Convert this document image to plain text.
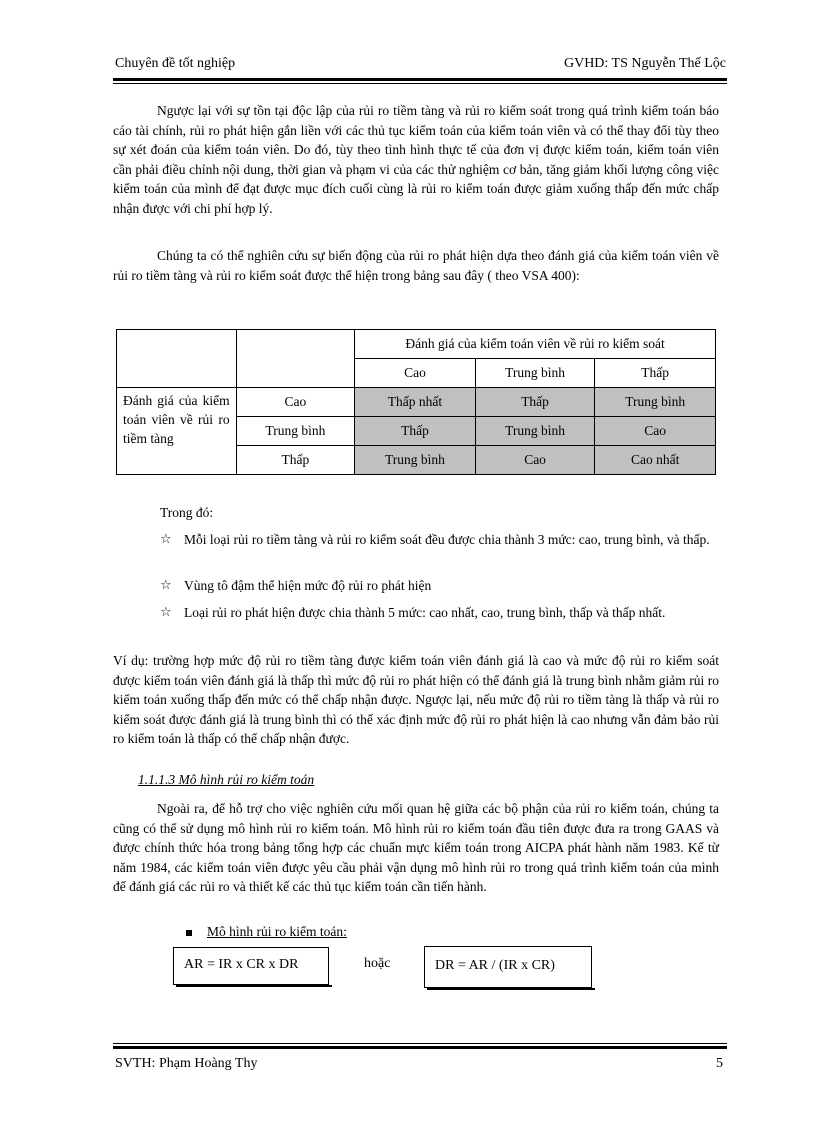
Chuyên đề tốt nghiệp	GVHD: TS Nguyễn Thế Lộc

Ngược lại với sự tồn tại độc lập của rủi ro tiềm tàng và rủi ro kiểm soát trong quá trình kiểm toán báo cáo tài chính, rủi ro phát hiện gắn liền với các thủ tục kiểm toán của kiểm toán viên và có thể thay đổi tùy theo sự xét đoán của kiểm toán viên. Do đó, tùy theo tình hình thực tế của đơn vị được kiểm toán, kiểm toán viên cần phải điều chỉnh nội dung, thời gian và phạm vi của các thử nghiệm cơ bản, tăng giảm khối lượng công việc kiểm toán của mình để đạt được mục đích cuối cùng là rủi ro kiểm toán được giảm xuống thấp đến mức chấp nhận được với chi phí hợp lý.

Chúng ta có thể nghiên cứu sự biến động của rủi ro phát hiện dựa theo đánh giá của kiểm toán viên về rủi ro tiềm tàng và rủi ro kiểm soát được thể hiện trong bảng sau đây ( theo VSA 400):

		Đánh giá của kiểm toán viên về rủi ro kiểm soát		
		Cao	Trung bình	Thấp
Đánh giá của kiểm toán viên về rủi ro tiềm tàng	Cao	Thấp nhất	Thấp	Trung bình
	Trung bình	Thấp	Trung bình	Cao
	Thấp	Trung bình	Cao	Cao nhất
Trong đó:
☆ Mỗi loại rủi ro tiềm tàng và rủi ro kiểm soát đều được chia thành 3 mức: cao, trung bình, và thấp.
☆ Vùng tô đậm thể hiện mức độ rủi ro phát hiện
☆ Loại rủi ro phát hiện được chia thành 5 mức: cao nhất, cao, trung bình, thấp và thấp nhất.

Ví dụ: trường hợp mức độ rủi ro tiềm tàng được kiểm toán viên đánh giá là cao và mức độ rủi ro kiểm soát được kiểm toán viên đánh giá là thấp thì mức độ rủi ro phát hiện có thể đánh giá là trung bình nhằm giảm rủi ro kiểm toán xuống thấp đến mức có thể chấp nhận được. Ngược lại, nếu mức độ rủi ro tiềm tàng là thấp và rủi ro kiểm soát được đánh giá là trung bình thì có thể xác định mức độ rủi ro phát hiện là cao nhưng vẫn đảm bảo rủi ro kiểm toán là thấp có thể chấp nhận được.

1.1.1.3 Mô hình rủi ro kiểm toán

Ngoài ra, để hỗ trợ cho việc nghiên cứu mối quan hệ giữa các bộ phận của rủi ro kiểm toán, chúng ta cũng có thể sử dụng mô hình rủi ro kiểm toán. Mô hình rủi ro kiểm toán đầu tiên được đưa ra trong GAAS và được chính thức hóa trong bảng tổng hợp các chuẩn mực kiểm toán trong AICPA phát hành năm 1983. Kể từ năm 1984, các kiểm toán viên được yêu cầu phải vận dụng mô hình rủi ro trong quá trình kiểm toán của mình để đánh giá các rủi ro và thiết kế các thủ tục kiểm toán cần tiến hành.

Mô hình rủi ro kiểm toán:
AR = IR x CR x DR	hoặc	DR = AR / (IR x CR)
SVTH: Phạm Hoàng Thy	5
